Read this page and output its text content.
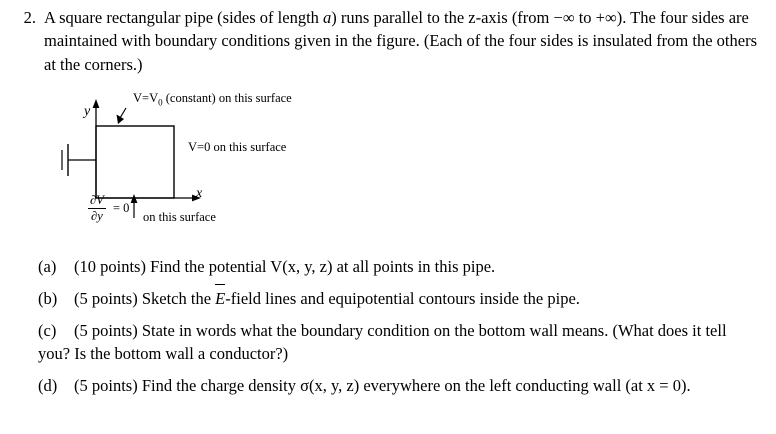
2. A square rectangular pipe (sides of length a) runs parallel to the z-axis (from −∞ to +∞). The four sides are maintained with boundary conditions given in the figure. (Each of the four sides is insulated from the others at the corners.)
y
x
$V=V_0$ (constant) on this surface
V=0 on this surface
$\frac{\partial V}{\partial y} = 0$
on this surface
(a)	(10 points) Find the potential V(x, y, z) at all points in this pipe.
(b)	(5 points) Sketch the E-field lines and equipotential contours inside the pipe.
(c)	(5 points) State in words what the boundary condition on the bottom wall means. (What does it tell you? Is the bottom wall a conductor?)
(d)	(5 points) Find the charge density σ(x, y, z) everywhere on the left conducting wall (at x = 0).
